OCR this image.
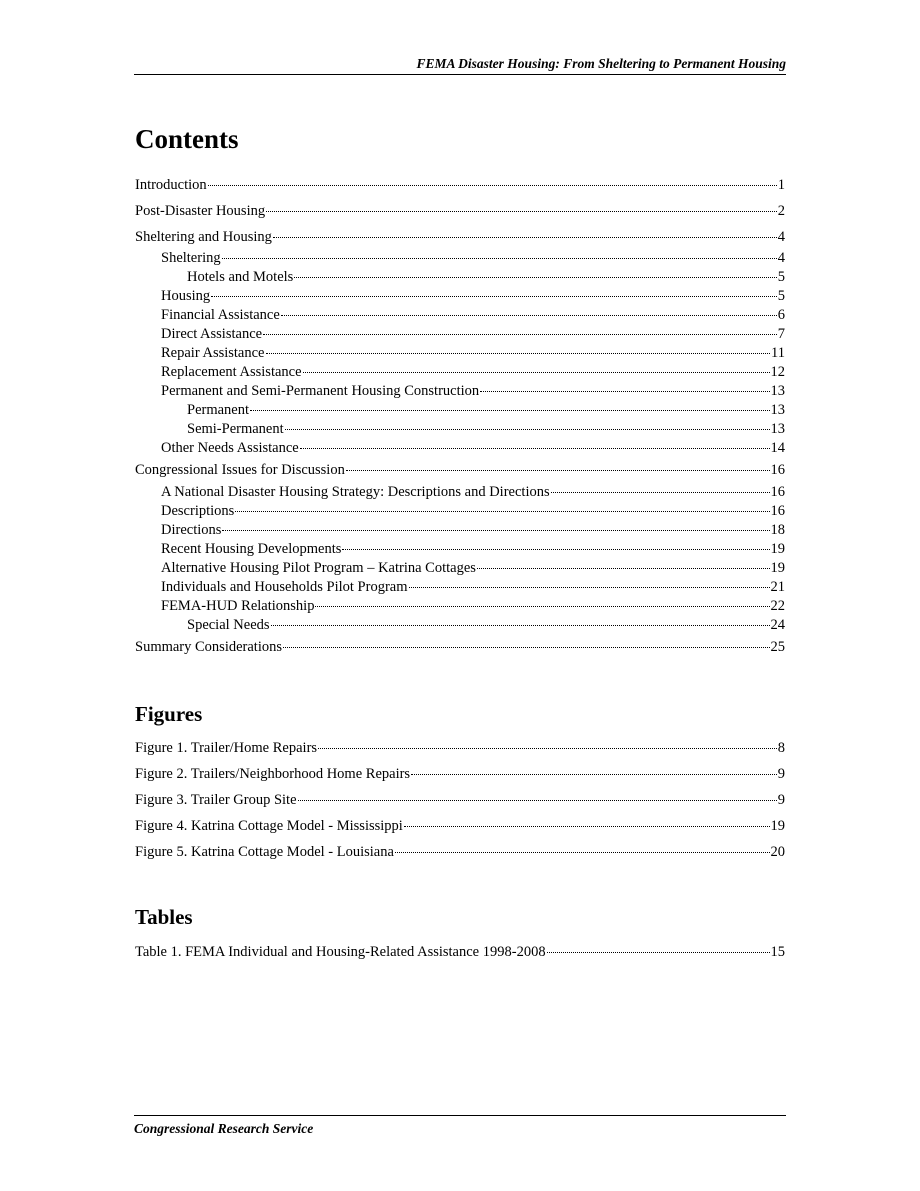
FEMA Disaster Housing: From Sheltering to Permanent Housing
Contents
Introduction	1
Post-Disaster Housing	2
Sheltering and Housing	4
Sheltering	4
Hotels and Motels	5
Housing	5
Financial Assistance	6
Direct Assistance	7
Repair Assistance	11
Replacement Assistance	12
Permanent and Semi-Permanent Housing Construction	13
Permanent	13
Semi-Permanent	13
Other Needs Assistance	14
Congressional Issues for Discussion	16
A National Disaster Housing Strategy: Descriptions and Directions	16
Descriptions	16
Directions	18
Recent Housing Developments	19
Alternative Housing Pilot Program – Katrina Cottages	19
Individuals and Households Pilot Program	21
FEMA-HUD Relationship	22
Special Needs	24
Summary Considerations	25
Figures
Figure 1. Trailer/Home Repairs	8
Figure 2. Trailers/Neighborhood Home Repairs	9
Figure 3. Trailer Group Site	9
Figure 4. Katrina Cottage Model - Mississippi	19
Figure 5. Katrina Cottage Model - Louisiana	20
Tables
Table 1. FEMA Individual and Housing-Related Assistance 1998-2008	15
Congressional Research Service
